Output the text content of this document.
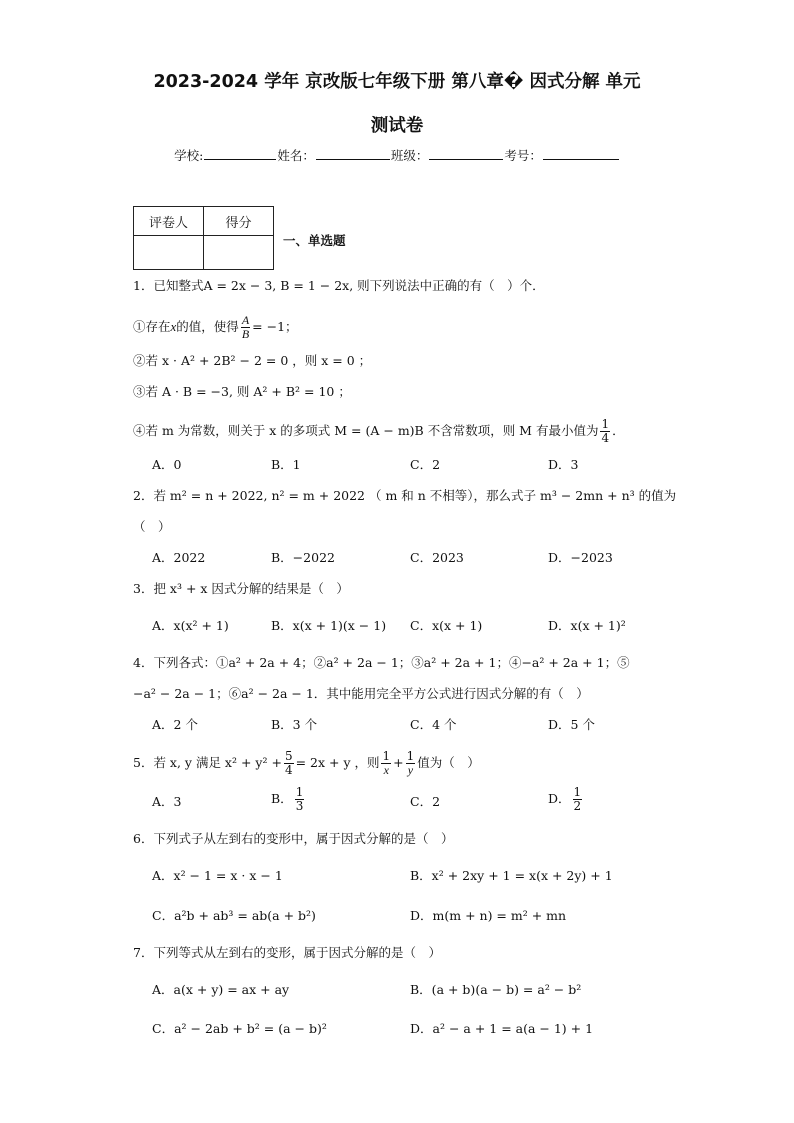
2023-2024 学年 京改版七年级下册 第八章� 因式分解 单元
测试卷
学校:	姓名：	班级：	考号：
评卷人	得分

一、单选题
1．已知整式A = 2x − 3, B = 1 − 2x, 则下列说法中正确的有（　）个．
①存在x的值，使得 $\frac{A}{B} = -1$；
②若 x · A² + 2B² − 2 = 0 ，则 x = 0 ；
③若 A · B = −3, 则 A² + B² = 10 ；
④若 m 为常数，则关于 x 的多项式 M = (A − m)B 不含常数项，则 M 有最小值为 $\frac{1}{4}$ ．
A．0	B．1	C．2	D．3
2．若 m² = n + 2022, n² = m + 2022 （ m 和 n 不相等），那么式子 m³ − 2mn + n³ 的值为
（　）
A．2022	B．−2022	C．2023	D．−2023
3．把 x³ + x 因式分解的结果是（　）
A．x(x² + 1)	B．x(x + 1)(x − 1) C．x(x + 1)	D．x(x + 1)²
4．下列各式：①a² + 2a + 4；②a² + 2a − 1；③a² + 2a + 1；④−a² + 2a + 1；⑤
−a² − 2a − 1；⑥a² − 2a − 1．其中能用完全平方公式进行因式分解的有（　）
A．2 个	B．3 个	C．4 个	D．5 个
5．若 x, y 满足 $x^2 + y^2 + \frac{5}{4} = 2x + y$ ，则 $\frac{1}{x} + \frac{1}{y}$ 值为（　）
A．3	B． $\frac{1}{3}$	C．2	D． $\frac{1}{2}$
6．下列式子从左到右的变形中，属于因式分解的是（　）
A．x² − 1 = x · x − 1	B．x² + 2xy + 1 = x(x + 2y) + 1
C．a²b + ab³ = ab(a + b²)	D．m(m + n) = m² + mn
7．下列等式从左到右的变形，属于因式分解的是（　）
A．a(x + y) = ax + ay	B．(a + b)(a − b) = a² − b²
C．a² − 2ab + b² = (a − b)²	D．a² − a + 1 = a(a − 1) + 1
